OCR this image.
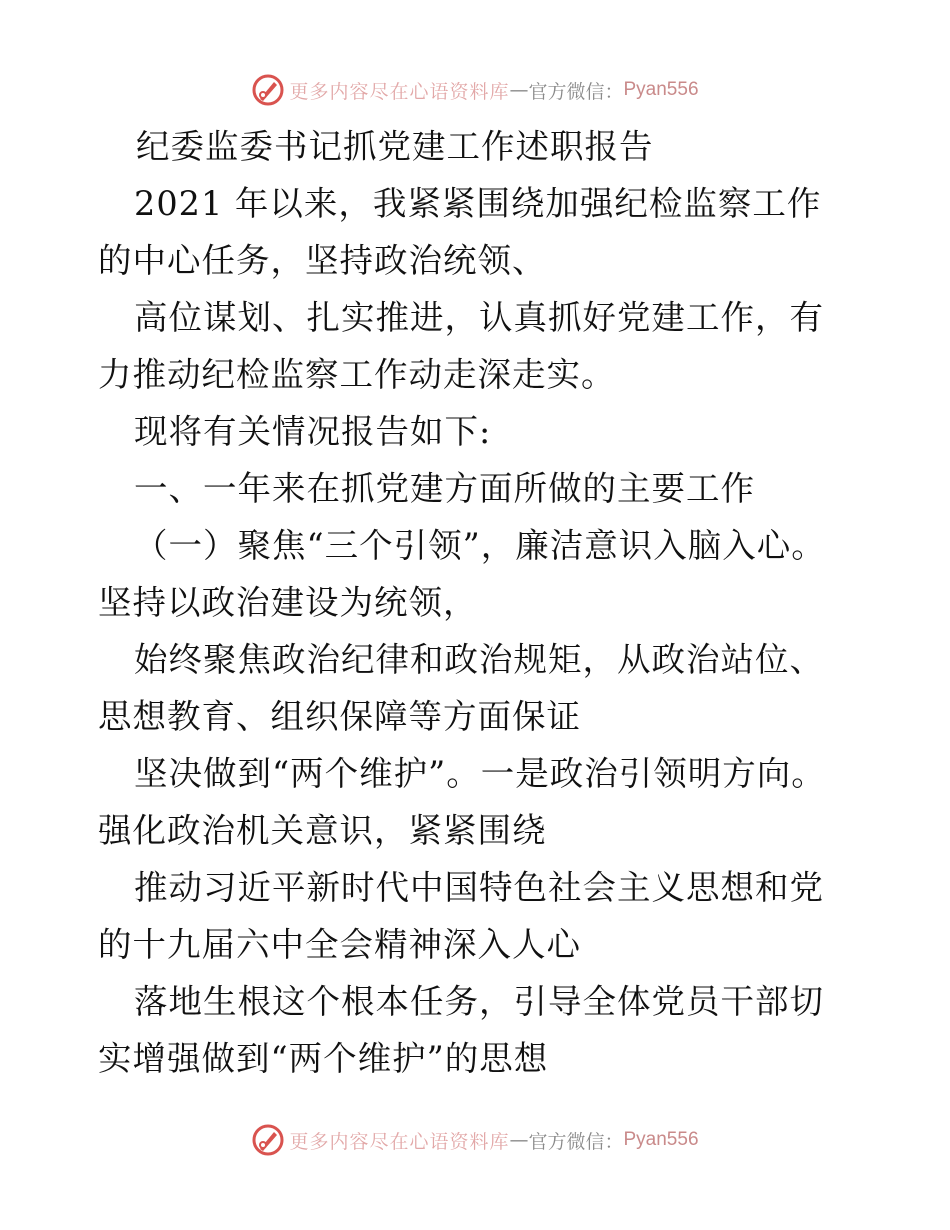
更多内容尽在心语资料库 — 官方微信： Pyan556

纪委监委书记抓党建工作述职报告

2021 年以来，我紧紧围绕加强纪检监察工作的中心任务，坚持政治统领、

高位谋划、扎实推进，认真抓好党建工作，有力推动纪检监察工作动走深走实。

现将有关情况报告如下:

一、一年来在抓党建方面所做的主要工作

（一）聚焦“三个引领”，廉洁意识入脑入心。坚持以政治建设为统领，

始终聚焦政治纪律和政治规矩，从政治站位、思想教育、组织保障等方面保证

坚决做到“两个维护”。一是政治引领明方向。强化政治机关意识，紧紧围绕

推动习近平新时代中国特色社会主义思想和党的十九届六中全会精神深入人心

落地生根这个根本任务，引导全体党员干部切实增强做到“两个维护”的思想

更多内容尽在心语资料库 — 官方微信： Pyan556
